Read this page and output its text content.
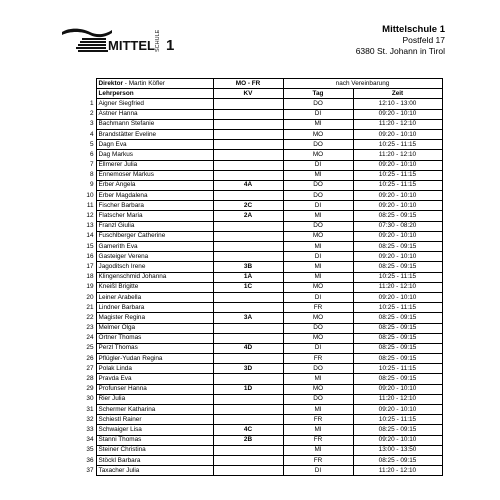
MITTEL SCHULE 1
Mittelschule 1
Postfeld 17
6380 St. Johann in Tirol
	Direktor - Martin Köfler	MO - FR	nach Vereinbarung	
	Lehrperson	KV	Tag	Zeit
1	Aigner Siegfried		DO	12:10 - 13:00
2	Astner Hanna		DI	09:20 - 10:10
3	Bachmann Stefanie		MI	11:20 - 12:10
4	Brandstätter Eveline		MO	09:20 - 10:10
5	Dagn Eva		DO	10:25 - 11:15
6	Dag Markus		MO	11:20 - 12:10
7	Ellmerer Julia		DI	09:20 - 10:10
8	Ennemoser Markus		MI	10:25 - 11:15
9	Erber Angela	4A	DO	10:25 - 11:15
10	Erber Magdalena		DO	09:20 - 10:10
11	Fischer Barbara	2C	DI	09:20 - 10:10
12	Flatscher Maria	2A	MI	08:25 - 09:15
13	Franzl Giulia		DO	07:30 - 08:20
14	Fuschlberger Catherine		MO	09:20 - 10:10
15	Gamerith Eva		MI	08:25 - 09:15
16	Gasteiger Verena		DI	09:20 - 10:10
17	Jagoditsch Irene	3B	MI	08:25 - 09:15
18	Klingenschmid Johanna	1A	MI	10:25 - 11:15
19	Kneißl Brigitte	1C	MO	11:20 - 12:10
20	Leiner Arabella		DI	09:20 - 10:10
21	Lindner Barbara		FR	10:25 - 11:15
22	Magister Regina	3A	MO	08:25 - 09:15
23	Melmer Olga		DO	08:25 - 09:15
24	Ortner Thomas		MO	08:25 - 09:15
25	Perzl Thomas	4D	DI	08:25 - 09:15
26	Pflügler-Yudan Regina		FR	08:25 - 09:15
27	Polak Linda	3D	DO	10:25 - 11:15
28	Pravda Eva		MI	08:25 - 09:15
29	Profunser Hanna	1D	MO	09:20 - 10:10
30	Rier Julia		DO	11:20 - 12:10
31	Schermer Katharina		MI	09:20 - 10:10
32	Schiestl Rainer		FR	10:25 - 11:15
33	Schwaiger Lisa	4C	MI	08:25 - 09:15
34	Stanni Thomas	2B	FR	09:20 - 10:10
35	Steiner Christina		MI	13:00 - 13:50
36	Stöckl Barbara		FR	08:25 - 09:15
37	Taxacher Julia		DI	11:20 - 12:10
